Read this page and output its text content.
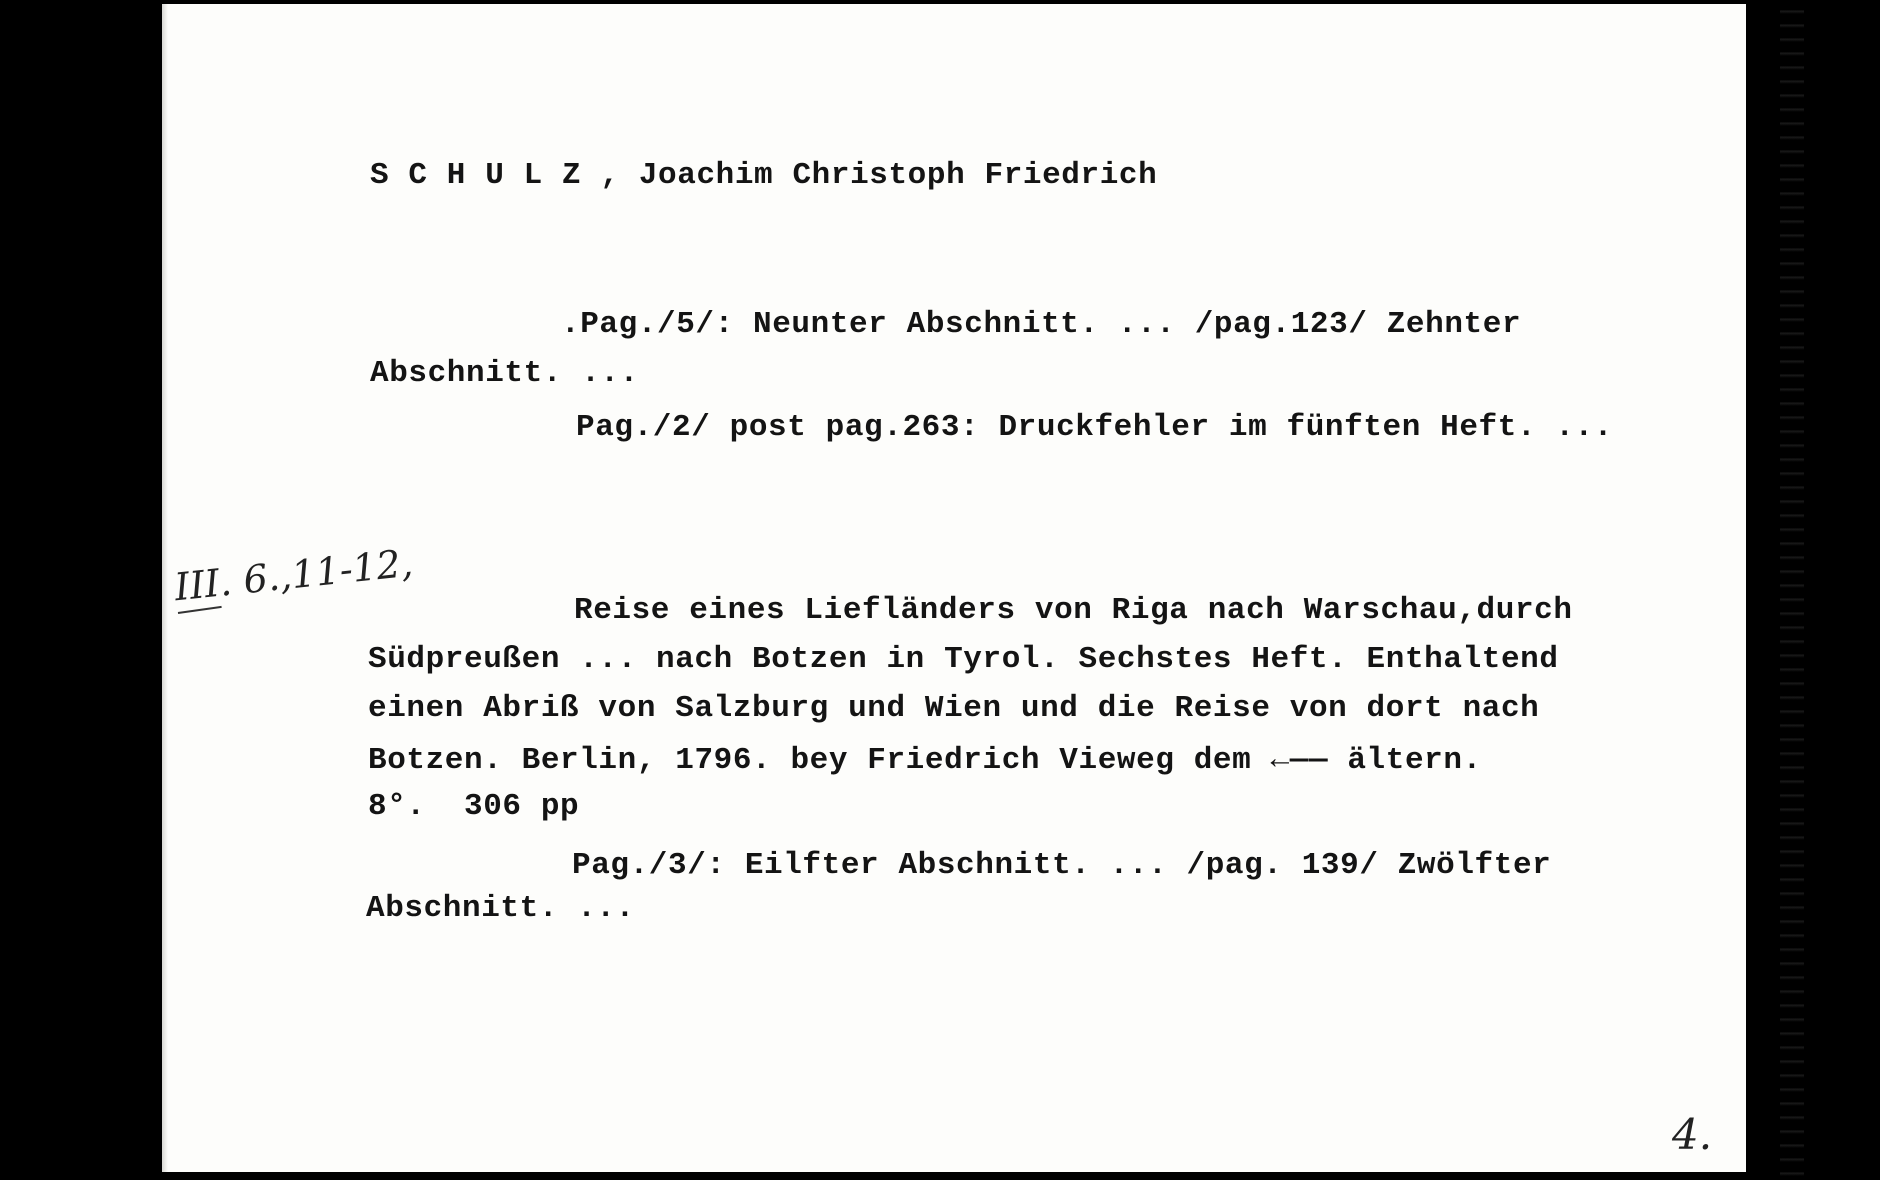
S C H U L Z , Joachim Christoph Friedrich
.Pag./5/: Neunter Abschnitt. ... /pag.123/ Zehnter
Abschnitt. ...
Pag./2/ post pag.263: Druckfehler im fünften Heft. ...
III. 6.,11-12,
Reise eines Liefländers von Riga nach Warschau,durch
Südpreußen ... nach Botzen in Tyrol. Sechstes Heft. Enthaltend
einen Abriß von Salzburg und Wien und die Reise von dort nach
Botzen. Berlin, 1796. bey Friedrich Vieweg dem ←—— ältern.
8°.  306 pp
Pag./3/: Eilfter Abschnitt. ... /pag. 139/ Zwölfter
Abschnitt. ...
4.
